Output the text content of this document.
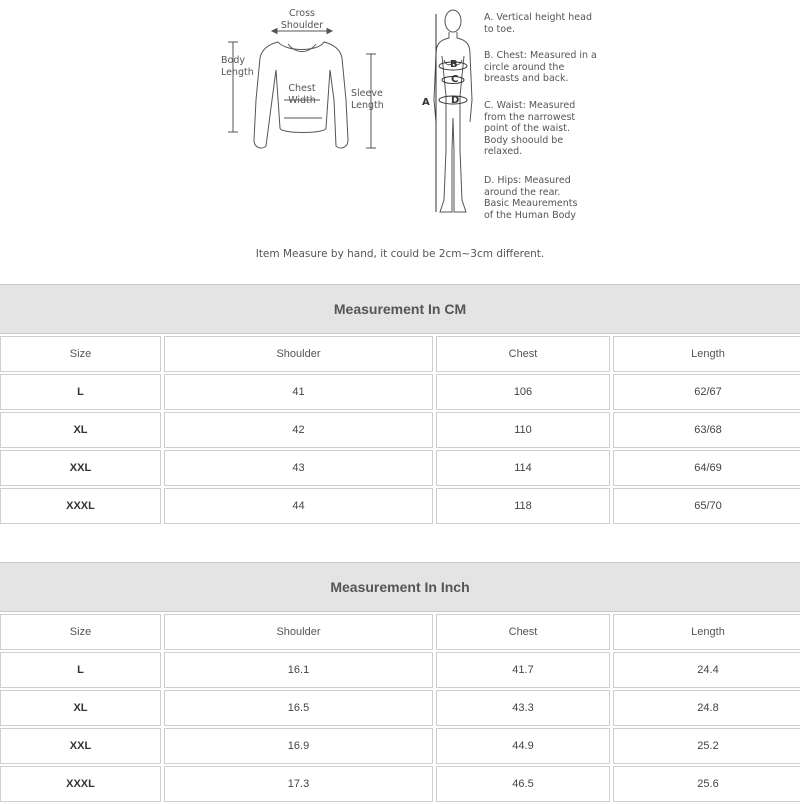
Cross
Shoulder
Body
Length
Chest
Width
Sleeve
Length	A
B
C
D
A. Vertical height head
to toe.
B. Chest: Measured in a
circle around the
breasts and back.
C. Waist: Measured
from the narrowest
point of the waist.
Body shoould be
relaxed.
D. Hips: Measured
around the rear.
Basic Meaurements
of the Human Body
Item Measure by hand, it could be 2cm~3cm different.
Measurement In CM
Size	Shoulder	Chest	Length
L	41	106	62/67
XL	42	110	63/68
XXL	43	114	64/69
XXXL	44	118	65/70
Measurement In Inch
Size	Shoulder	Chest	Length
L	16.1	41.7	24.4
XL	16.5	43.3	24.8
XXL	16.9	44.9	25.2
XXXL	17.3	46.5	25.6
